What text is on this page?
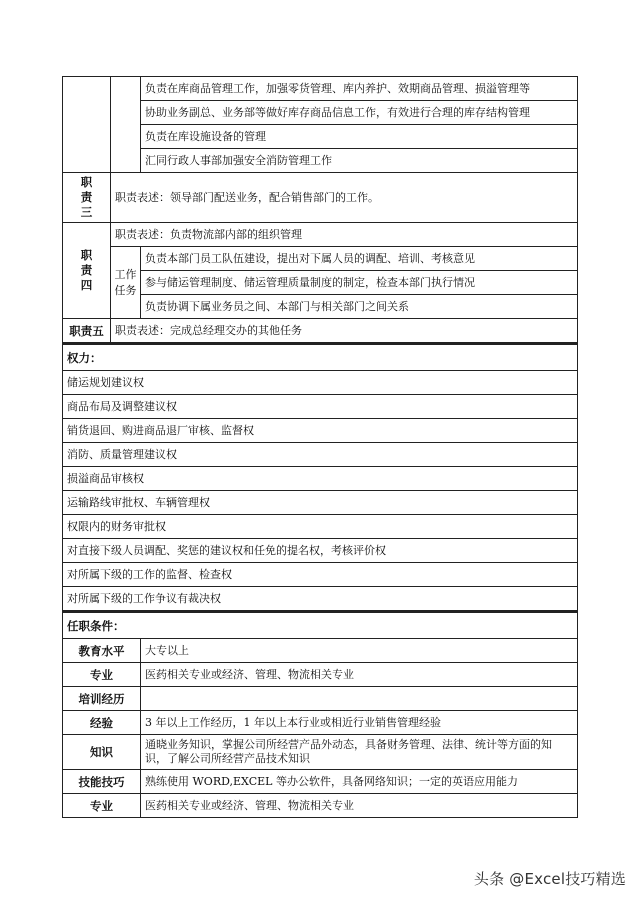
		负责在库商品管理工作，加强零货管理、库内养护、效期商品管理、损溢管理等
		协助业务副总、业务部等做好库存商品信息工作，有效进行合理的库存结构管理
		负责在库设施设备的管理
		汇同行政人事部加强安全消防管理工作
职责三	职责表述：领导部门配送业务，配合销售部门的工作。	
职责四	职责表述：负责物流部内部的组织管理	
	工作任务	负责本部门员工队伍建设，提出对下属人员的调配、培训、考核意见
		参与储运管理制度、储运管理质量制度的制定，检查本部门执行情况
		负责协调下属业务员之间、本部门与相关部门之间关系
职责五	职责表述：完成总经理交办的其他任务	
权力：
储运规划建议权
商品布局及调整建议权
销货退回、购进商品退厂审核、监督权
消防、质量管理建议权
损溢商品审核权
运输路线审批权、车辆管理权
权限内的财务审批权
对直接下级人员调配、奖惩的建议权和任免的提名权，考核评价权
对所属下级的工作的监督、检查权
对所属下级的工作争议有裁决权
任职条件：	
教育水平	大专以上
专业	医药相关专业或经济、管理、物流相关专业
培训经历	
经验	3 年以上工作经历，1 年以上本行业或相近行业销售管理经验
知识	通晓业务知识，掌握公司所经营产品外动态，具备财务管理、法律、统计等方面的知识，了解公司所经营产品技术知识
技能技巧	熟练使用 WORD,EXCEL 等办公软件，具备网络知识；一定的英语应用能力
专业	医药相关专业或经济、管理、物流相关专业
头条 @Excel技巧精选
